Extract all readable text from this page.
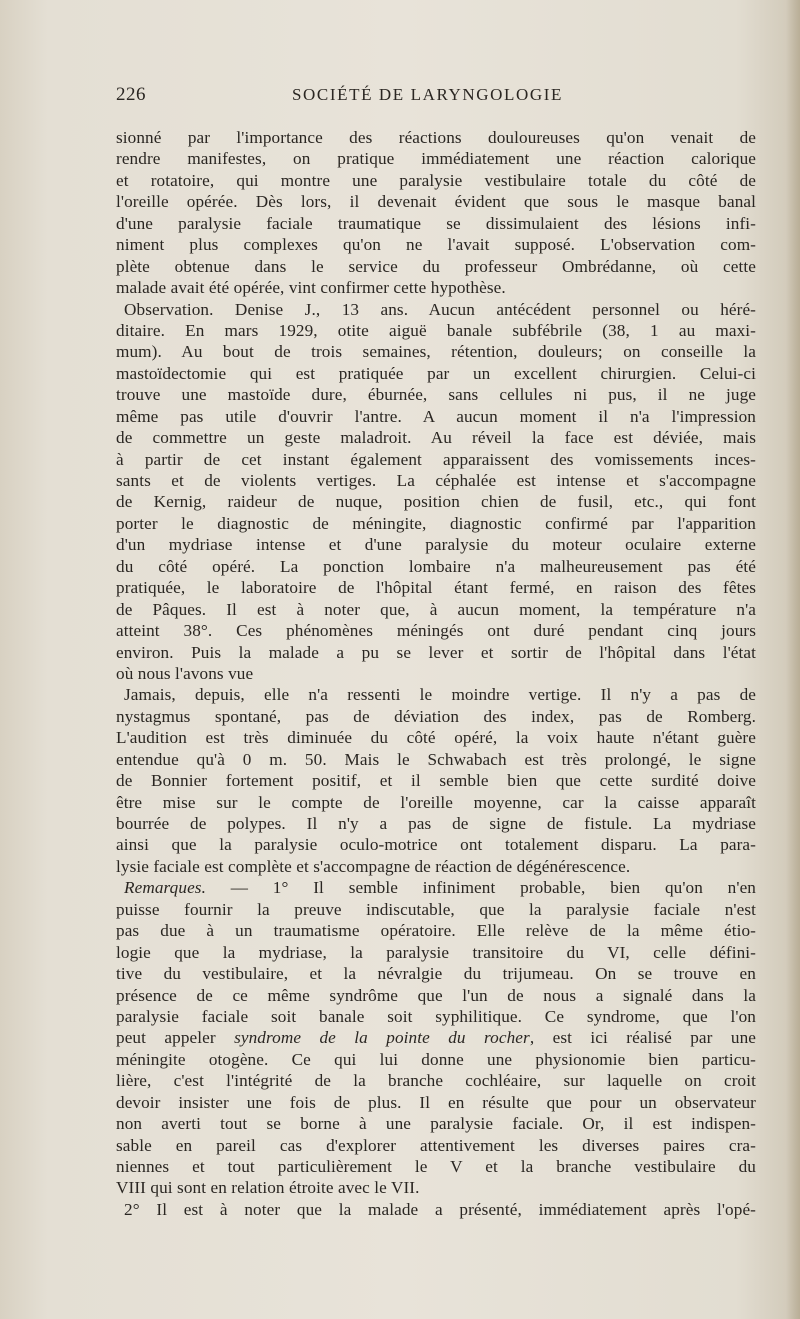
226	SOCIÉTÉ DE LARYNGOLOGIE
sionné par l'importance des réactions douloureuses qu'on venait de
rendre manifestes, on pratique immédiatement une réaction calorique
et rotatoire, qui montre une paralysie vestibulaire totale du côté de
l'oreille opérée. Dès lors, il devenait évident que sous le masque banal
d'une paralysie faciale traumatique se dissimulaient des lésions infi-
niment plus complexes qu'on ne l'avait supposé. L'observation com-
plète obtenue dans le service du professeur Ombrédanne, où cette
malade avait été opérée, vint confirmer cette hypothèse.
Observation. Denise J., 13 ans. Aucun antécédent personnel ou héré-
ditaire. En mars 1929, otite aiguë banale subfébrile (38, 1 au maxi-
mum). Au bout de trois semaines, rétention, douleurs; on conseille la
mastoïdectomie qui est pratiquée par un excellent chirurgien. Celui-ci
trouve une mastoïde dure, éburnée, sans cellules ni pus, il ne juge
même pas utile d'ouvrir l'antre. A aucun moment il n'a l'impression
de commettre un geste maladroit. Au réveil la face est déviée, mais
à partir de cet instant également apparaissent des vomissements inces-
sants et de violents vertiges. La céphalée est intense et s'accompagne
de Kernig, raideur de nuque, position chien de fusil, etc., qui font
porter le diagnostic de méningite, diagnostic confirmé par l'apparition
d'un mydriase intense et d'une paralysie du moteur oculaire externe
du côté opéré. La ponction lombaire n'a malheureusement pas été
pratiquée, le laboratoire de l'hôpital étant fermé, en raison des fêtes
de Pâques. Il est à noter que, à aucun moment, la température n'a
atteint 38°. Ces phénomènes méningés ont duré pendant cinq jours
environ. Puis la malade a pu se lever et sortir de l'hôpital dans l'état
où nous l'avons vue
Jamais, depuis, elle n'a ressenti le moindre vertige. Il n'y a pas de
nystagmus spontané, pas de déviation des index, pas de Romberg.
L'audition est très diminuée du côté opéré, la voix haute n'étant guère
entendue qu'à 0 m. 50. Mais le Schwabach est très prolongé, le signe
de Bonnier fortement positif, et il semble bien que cette surdité doive
être mise sur le compte de l'oreille moyenne, car la caisse apparaît
bourrée de polypes. Il n'y a pas de signe de fistule. La mydriase
ainsi que la paralysie oculo-motrice ont totalement disparu. La para-
lysie faciale est complète et s'accompagne de réaction de dégénérescence.
Remarques. — 1° Il semble infiniment probable, bien qu'on n'en
puisse fournir la preuve indiscutable, que la paralysie faciale n'est
pas due à un traumatisme opératoire. Elle relève de la même étio-
logie que la mydriase, la paralysie transitoire du VI, celle défini-
tive du vestibulaire, et la névralgie du trijumeau. On se trouve en
présence de ce même syndrôme que l'un de nous a signalé dans la
paralysie faciale soit banale soit syphilitique. Ce syndrome, que l'on
peut appeler syndrome de la pointe du rocher, est ici réalisé par une
méningite otogène. Ce qui lui donne une physionomie bien particu-
lière, c'est l'intégrité de la branche cochléaire, sur laquelle on croit
devoir insister une fois de plus. Il en résulte que pour un observateur
non averti tout se borne à une paralysie faciale. Or, il est indispen-
sable en pareil cas d'explorer attentivement les diverses paires cra-
niennes et tout particulièrement le V et la branche vestibulaire du
VIII qui sont en relation étroite avec le VII.
2° Il est à noter que la malade a présenté, immédiatement après l'opé-
